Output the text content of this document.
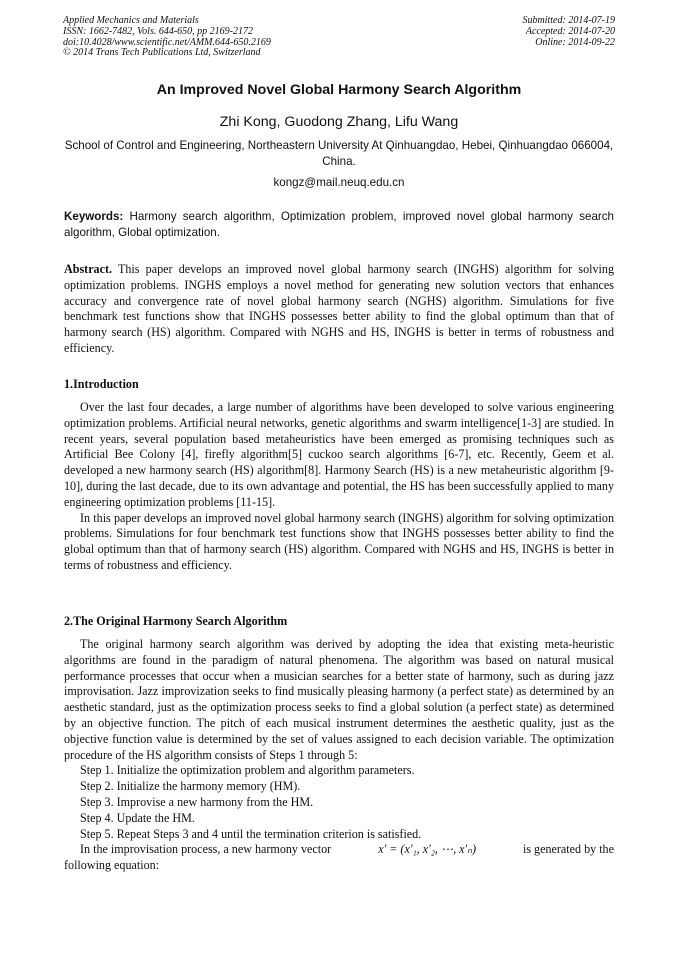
Applied Mechanics and Materials
ISSN: 1662-7482, Vols. 644-650, pp 2169-2172
doi:10.4028/www.scientific.net/AMM.644-650.2169
© 2014 Trans Tech Publications Ltd, Switzerland
Submitted: 2014-07-19
Accepted: 2014-07-20
Online: 2014-09-22
An Improved Novel Global Harmony Search Algorithm
Zhi Kong, Guodong Zhang, Lifu Wang
School of Control and Engineering, Northeastern University At Qinhuangdao, Hebei, Qinhuangdao 066004, China.
kongz@mail.neuq.edu.cn
Keywords: Harmony search algorithm, Optimization problem, improved novel global harmony search algorithm, Global optimization.
Abstract. This paper develops an improved novel global harmony search (INGHS) algorithm for solving optimization problems. INGHS employs a novel method for generating new solution vectors that enhances accuracy and convergence rate of novel global harmony search (NGHS) algorithm. Simulations for five benchmark test functions show that INGHS possesses better ability to find the global optimum than that of harmony search (HS) algorithm. Compared with NGHS and HS, INGHS is better in terms of robustness and efficiency.
1.Introduction

Over the last four decades, a large number of algorithms have been developed to solve various engineering optimization problems. Artificial neural networks, genetic algorithms and swarm intelligence[1-3] are studied. In recent years, several population based metaheuristics have been emerged as promising techniques such as Artificial Bee Colony [4], firefly algorithm[5] cuckoo search algorithms [6-7], etc. Recently, Geem et al. developed a new harmony search (HS) algorithm[8]. Harmony Search (HS) is a new metaheuristic algorithm [9-10], during the last decade, due to its own advantage and potential, the HS has been successfully applied to many engineering optimization problems [11-15].

In this paper develops an improved novel global harmony search (INGHS) algorithm for solving optimization problems. Simulations for four benchmark test functions show that INGHS possesses better ability to find the global optimum than that of harmony search (HS) algorithm. Compared with NGHS and HS, INGHS is better in terms of robustness and efficiency.

2.The Original Harmony Search Algorithm

The original harmony search algorithm was derived by adopting the idea that existing meta-heuristic algorithms are found in the paradigm of natural phenomena. The algorithm was based on natural musical performance processes that occur when a musician searches for a better state of harmony, such as during jazz improvisation. Jazz improvization seeks to find musically pleasing harmony (a perfect state) as determined by an aesthetic standard, just as the optimization process seeks to find a global solution (a perfect state) as determined by an objective function. The pitch of each musical instrument determines the aesthetic quality, just as the objective function value is determined by the set of values assigned to each decision variable. The optimization procedure of the HS algorithm consists of Steps 1 through 5:

Step 1. Initialize the optimization problem and algorithm parameters.
Step 2. Initialize the harmony memory (HM).
Step 3. Improvise a new harmony from the HM.
Step 4. Update the HM.
Step 5. Repeat Steps 3 and 4 until the termination criterion is satisfied.
In the improvisation process, a new harmony vector	x′ = (x′₁, x′₂, ⋯, x′ₙ)	is generated by the
following equation:
